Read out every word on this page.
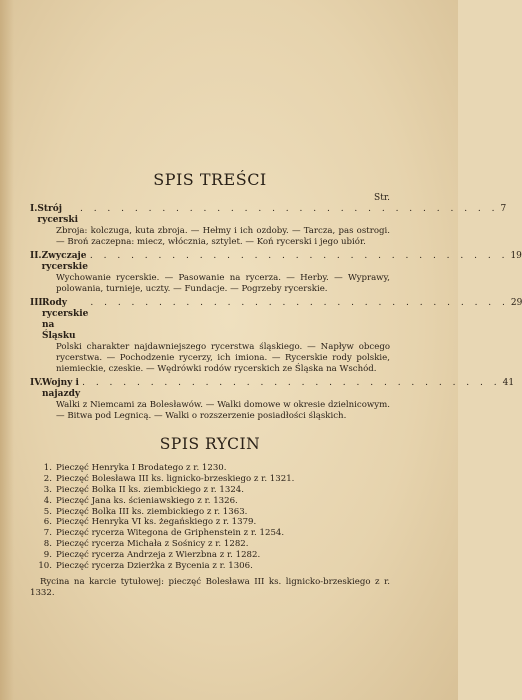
SPIS TREŚCI
Str.
I. Strój rycerski
. . . . . . . . . . . . . . . . . . . . . . . . . . . . . . . 7
Zbroja: kolczuga, kuta zbroja. — Hełmy i ich ozdoby. — Tarcza, pas ostrogi. — Broń zaczepna: miecz, włócznia, sztylet. — Koń rycerski i jego ubiór.
II. Zwyczaje rycerskie
. . . . . . . . . . . . . . . . . . . . . . . . . . . . . . . 19
Wychowanie rycerskie. — Pasowanie na rycerza. — Herby. — Wyprawy, polowania, turnieje, uczty. — Fundacje. — Pogrzeby rycerskie.
III.
Rody rycerskie na Śląsku
. . . . . . . . . . . . . . . . . . . . . . . . . . . . . . . 29
Polski charakter najdawniejszego rycerstwa śląskiego. — Napływ obcego rycerstwa. — Pochodzenie rycerzy, ich imiona. — Rycerskie rody polskie, niemieckie, czeskie. — Wędrówki rodów rycerskich ze Śląska na Wschód.
IV. Wojny i najazdy
. . . . . . . . . . . . . . . . . . . . . . . . . . . . . . . 41
Walki z Niemcami za Bolesławów. — Walki domowe w okresie dzielnicowym. — Bitwa pod Legnicą. — Walki o rozszerzenie posiadłości śląskich.
SPIS RYCIN
1. Pieczęć Henryka I Brodatego z r. 1230.
2. Pieczęć Bolesława III ks. lignicko-brzeskiego z r. 1321.
3. Pieczęć Bolka II ks. ziembickiego z r. 1324.
4. Pieczęć Jana ks. ścieniawskiego z r. 1326.
5. Pieczęć Bolka III ks. ziembickiego z r. 1363.
6. Pieczęć Henryka VI ks. żegańskiego z r. 1379.
7. Pieczęć rycerza Witegona de Griphenstein z r. 1254.
8. Pieczęć rycerza Michała z Sośnicy z r. 1282.
9. Pieczęć rycerza Andrzeja z Wierzbna z r. 1282.
10. Pieczęć rycerza Dzierżka z Bycenia z r. 1306.

Rycina na karcie tytułowej: pieczęć Bolesława III ks. lignicko-brzeskiego z r. 1332.
